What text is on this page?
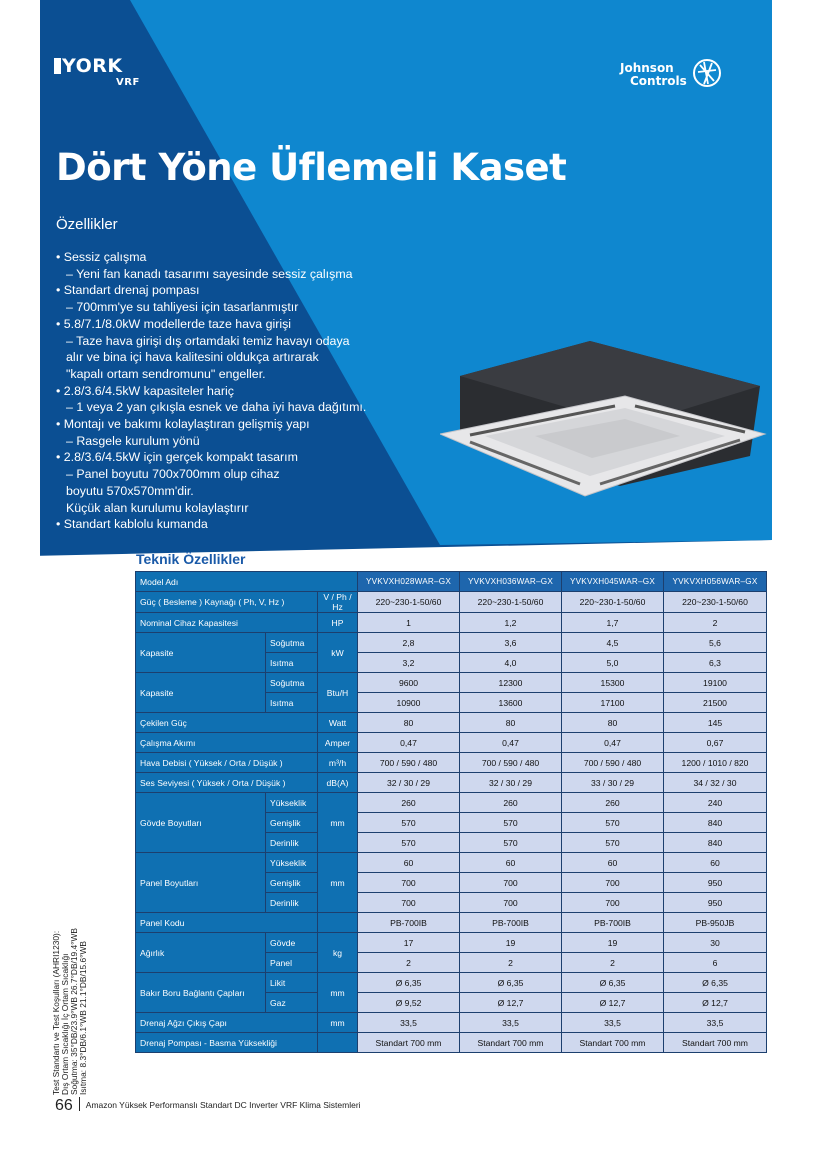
YORK
VRF
Johnson
Controls
Dört Yöne Üflemeli Kaset
Özellikler
• Sessiz çalışma
– Yeni fan kanadı tasarımı sayesinde sessiz çalışma
• Standart drenaj pompası
– 700mm'ye su tahliyesi için tasarlanmıştır
• 5.8/7.1/8.0kW modellerde taze hava girişi
– Taze hava girişi dış ortamdaki temiz havayı odaya
alır ve bina içi hava kalitesini oldukça artırarak
"kapalı ortam sendromunu" engeller.
• 2.8/3.6/4.5kW kapasiteler hariç
– 1 veya 2 yan çıkışla esnek ve daha iyi hava dağıtımı.
• Montajı ve bakımı kolaylaştıran gelişmiş yapı
– Rasgele kurulum yönü
• 2.8/3.6/4.5kW için gerçek kompakt tasarım
– Panel boyutu 700x700mm olup cihaz
boyutu 570x570mm'dir.
Küçük alan kurulumu kolaylaştırır
• Standart kablolu kumanda
Teknik Özellikler
Model Adı			YVKVXH028WAR–GX	YVKVXH036WAR–GX	YVKVXH045WAR–GX	YVKVXH056WAR–GX
Güç ( Besleme ) Kaynağı ( Ph, V, Hz )		V / Ph / Hz	220~230-1-50/60	220~230-1-50/60	220~230-1-50/60	220~230-1-50/60
Nominal Cihaz Kapasitesi		HP	1	1,2	1,7	2
Kapasite	Soğutma	kW	2,8	3,6	4,5	5,6
	Isıtma		3,2	4,0	5,0	6,3
Kapasite	Soğutma	Btu/H	9600	12300	15300	19100
	Isıtma		10900	13600	17100	21500
Çekilen Güç		Watt	80	80	80	145
Çalışma Akımı		Amper	0,47	0,47	0,47	0,67
Hava Debisi ( Yüksek / Orta / Düşük )		m³/h	700 / 590 / 480	700 / 590 / 480	700 / 590 / 480	1200 / 1010 / 820
Ses Seviyesi ( Yüksek / Orta / Düşük )		dB(A)	32 / 30 / 29	32 / 30 / 29	33 / 30 / 29	34 / 32 / 30
Gövde Boyutları	Yükseklik	mm	260	260	260	240
	Genişlik		570	570	570	840
	Derinlik		570	570	570	840
Panel Boyutları	Yükseklik	mm	60	60	60	60
	Genişlik		700	700	700	950
	Derinlik		700	700	700	950
Panel Kodu			PB-700IB	PB-700IB	PB-700IB	PB-950JB
Ağırlık	Gövde	kg	17	19	19	30
	Panel		2	2	2	6
Bakır Boru Bağlantı Çapları	Likit	mm	Ø 6,35	Ø 6,35	Ø 6,35	Ø 6,35
	Gaz		Ø 9,52	Ø 12,7	Ø 12,7	Ø 12,7
Drenaj Ağzı Çıkış Çapı		mm	33,5	33,5	33,5	33,5
Drenaj Pompası - Basma Yüksekliği			Standart 700 mm	Standart 700 mm	Standart 700 mm	Standart 700 mm
Test Standartı ve Test Koşulları (AHRI1230): Dış Ortam Sıcaklığı İç Ortam Sıcaklığı Soğutma: 35°DB/23.9°WB 26.7°DB/19.4°WB Isıtma: 8.3°DB/6.1°WB 21.1°DB/15.6°WB
66 Amazon Yüksek Performanslı Standart DC Inverter VRF Klima Sistemleri
